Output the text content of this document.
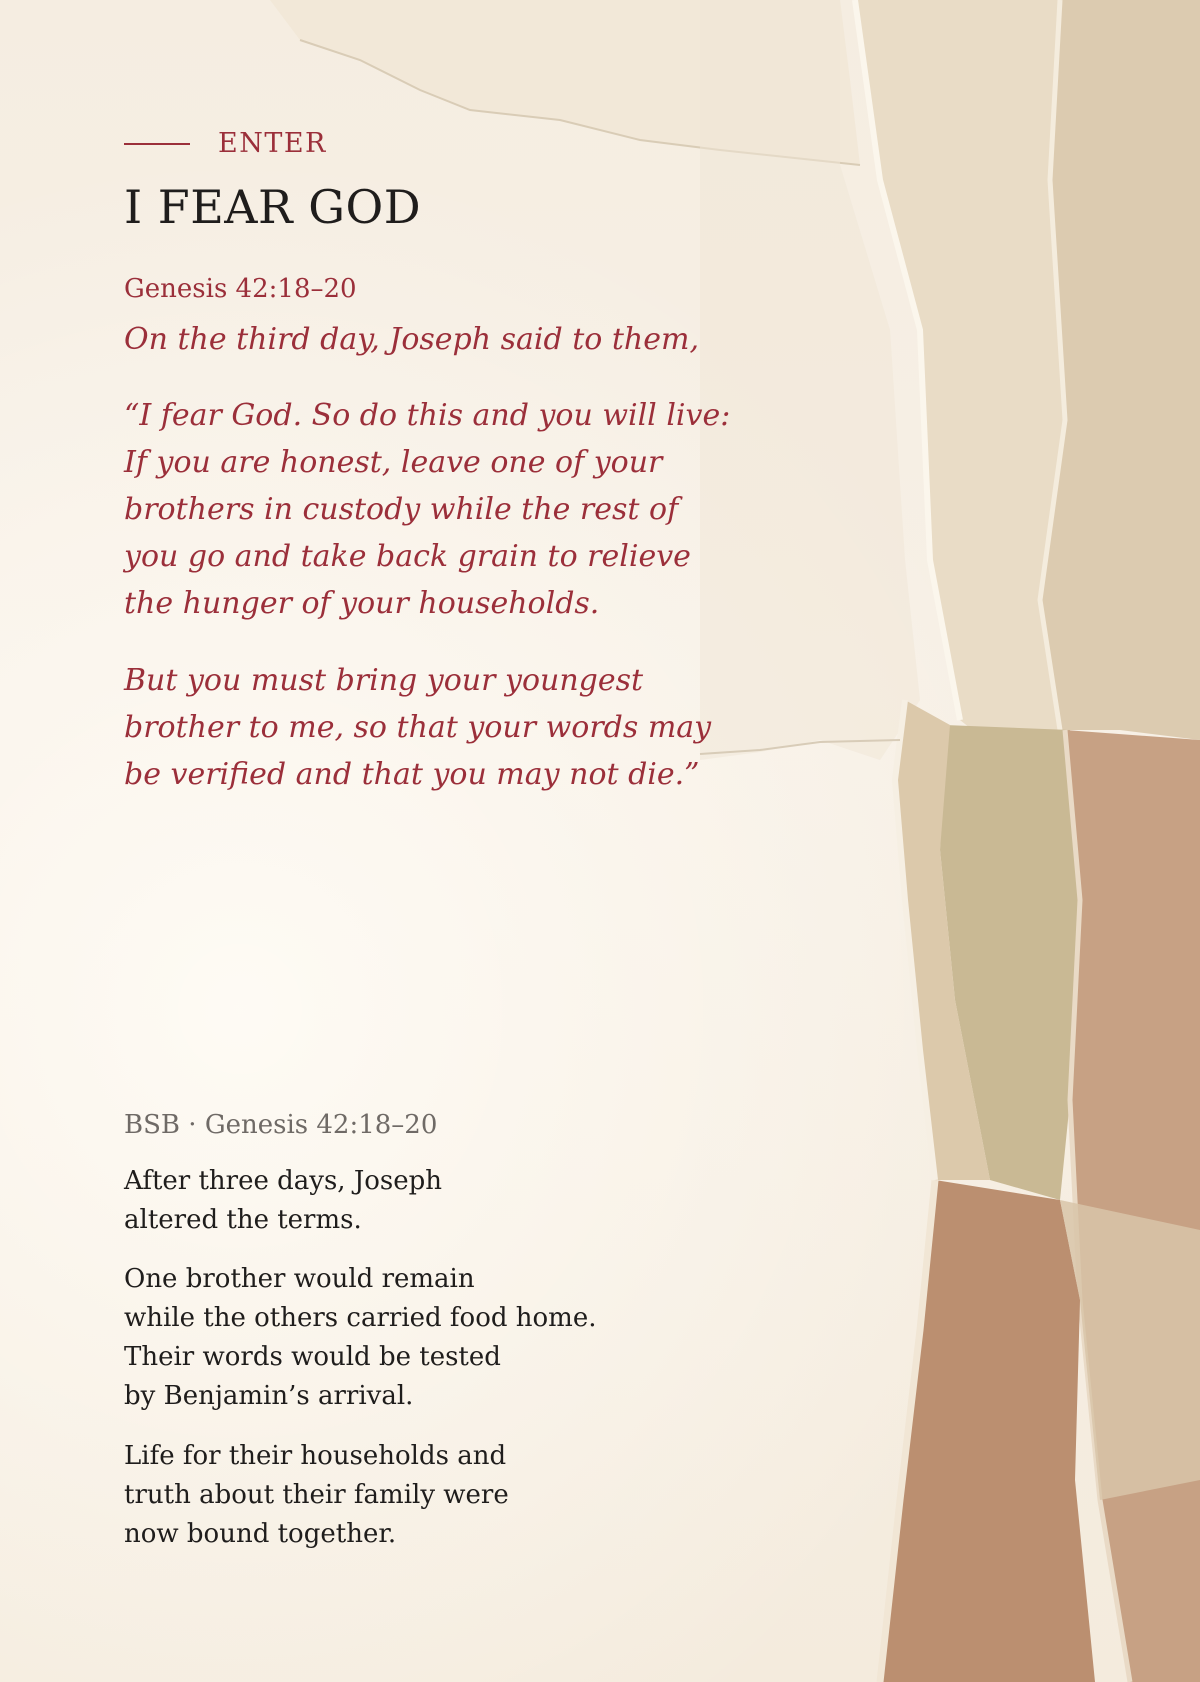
ENTER
I FEAR GOD
Genesis 42:18–20
On the third day, Joseph said to them,
“I fear God. So do this and you will live:
If you are honest, leave one of your
brothers in custody while the rest of
you go and take back grain to relieve
the hunger of your households.
But you must bring your youngest
brother to me, so that your words may
be verified and that you may not die.”
BSB · Genesis 42:18–20
After three days, Joseph
altered the terms.
One brother would remain
while the others carried food home.
Their words would be tested
by Benjamin’s arrival.
Life for their households and
truth about their family were
now bound together.
